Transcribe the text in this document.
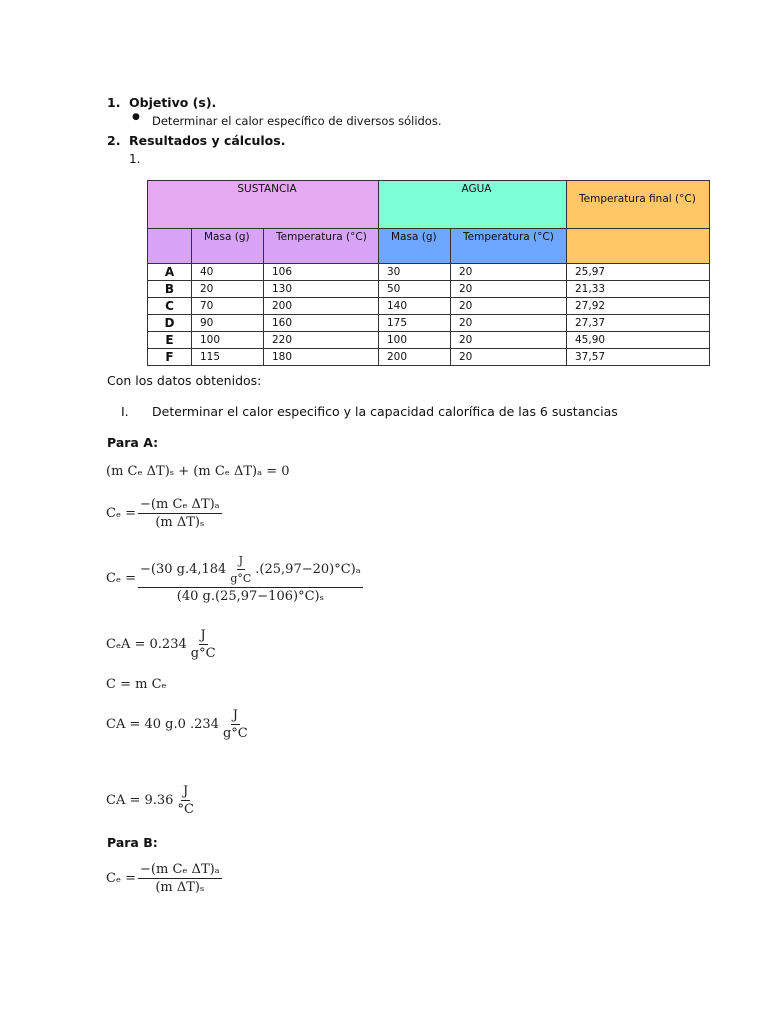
1. Objetivo (s).
● Determinar el calor específico de diversos sólidos.
2. Resultados y cálculos.
1.
SUSTANCIA			AGUA		Temperatura final (°C)
	Masa (g)	Temperatura (°C)	Masa (g)	Temperatura (°C)	
A	40	106	30	20	25,97
B	20	130	50	20	21,33
C	70	200	140	20	27,92
D	90	160	175	20	27,37
E	100	220	100	20	45,90
F	115	180	200	20	37,57
Con los datos obtenidos:
I. Determinar el calor especifico y la capacidad calorífica de las 6 sustancias
Para A:
(m Cₑ ΔT)ₛ + (m Cₑ ΔT)ₐ = 0
$C_e = \frac{\text{−(m Cₑ ΔT)ₐ}}{\text{(m ΔT)ₛ}}$
Cₑ =
−(30 $g.4,184 \frac{J}{g^\circ C} .(25,97-20)^\circ C)_a$
(40 g.(25,97−106)°C)ₛ
$C_eA = 0.234 \frac{J}{g^\circ C}$
C = m Cₑ
CA = 40 g.0 $.234 \frac{J}{g^\circ C}$
CA = $9.36 \frac{J}{^\circ C}$
Para B:
$C_e = \frac{\text{−(m Cₑ ΔT)ₐ}}{\text{(m ΔT)ₛ}}$
